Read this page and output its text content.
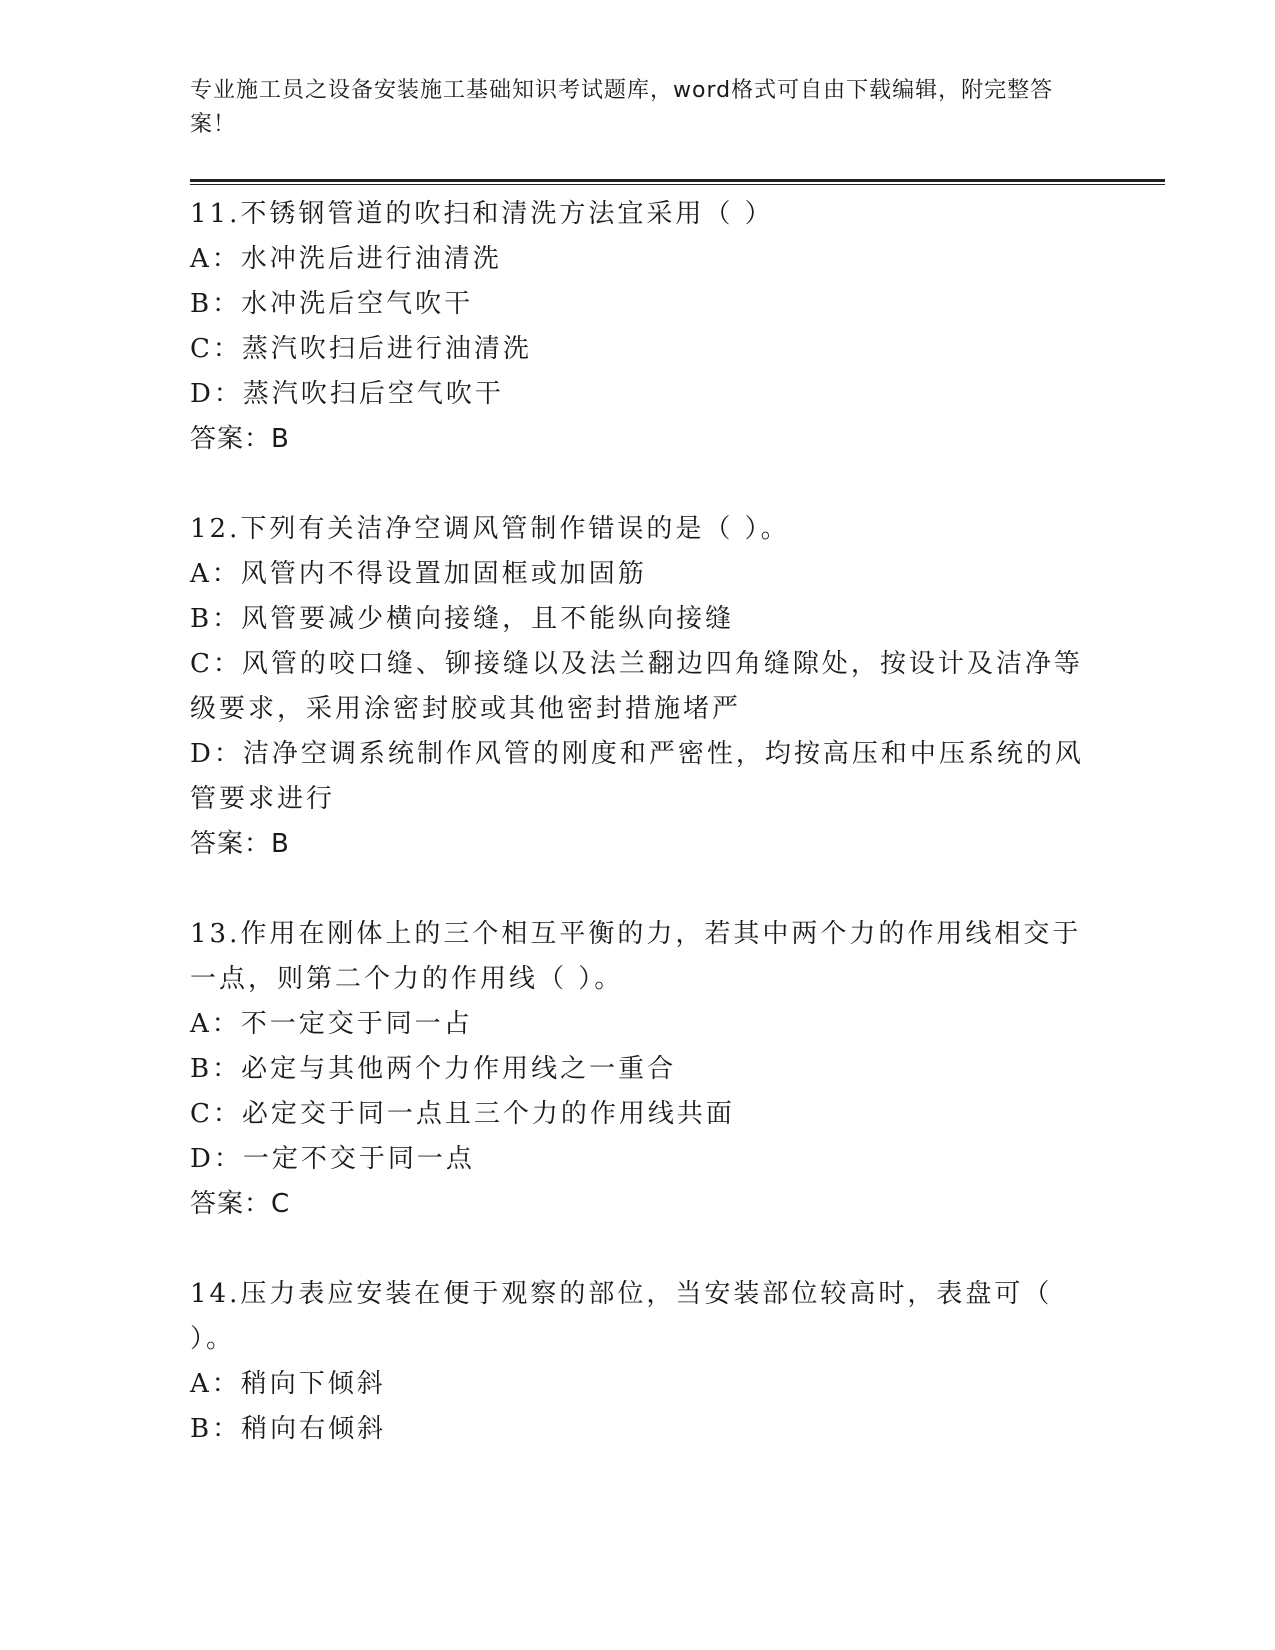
专业施工员之设备安装施工基础知识考试题库，word格式可自由下载编辑，附完整答案！
11.不锈钢管道的吹扫和清洗方法宜采用（ ）
A：水冲洗后进行油清洗
B：水冲洗后空气吹干
C：蒸汽吹扫后进行油清洗
D：蒸汽吹扫后空气吹干
答案：B
12.下列有关洁净空调风管制作错误的是（ ）。
A：风管内不得设置加固框或加固筋
B：风管要减少横向接缝，且不能纵向接缝
C：风管的咬口缝、铆接缝以及法兰翻边四角缝隙处，按设计及洁净等级要求，采用涂密封胶或其他密封措施堵严
D：洁净空调系统制作风管的刚度和严密性，均按高压和中压系统的风管要求进行
答案：B
13.作用在刚体上的三个相互平衡的力，若其中两个力的作用线相交于一点，则第二个力的作用线（ ）。
A：不一定交于同一占
B：必定与其他两个力作用线之一重合
C：必定交于同一点且三个力的作用线共面
D：一定不交于同一点
答案：C
14.压力表应安装在便于观察的部位，当安装部位较高时，表盘可（ ）。
A：稍向下倾斜
B：稍向右倾斜
